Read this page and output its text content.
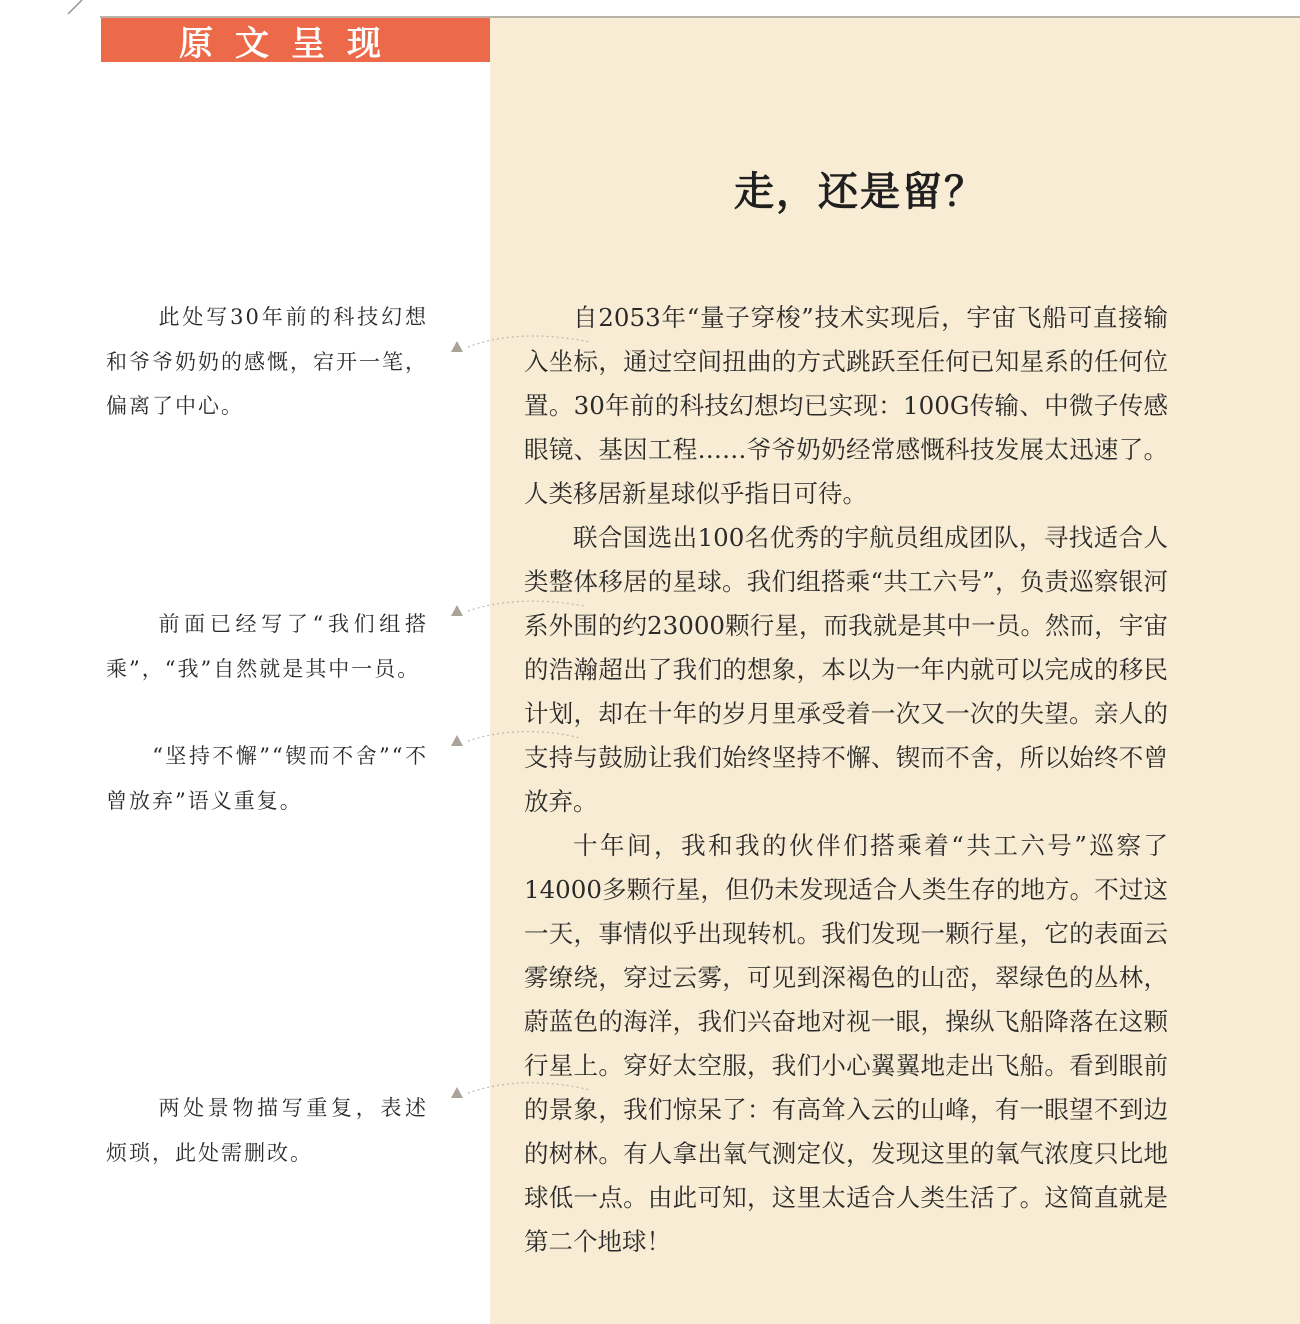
原文呈现
走，还是留？

自2053年“量子穿梭”技术实现后，宇宙飞船可直接输入坐标，通过空间扭曲的方式跳跃至任何已知星系的任何位置。30年前的科技幻想均已实现：100G传输、中微子传感眼镜、基因工程……爷爷奶奶经常感慨科技发展太迅速了。人类移居新星球似乎指日可待。

联合国选出100名优秀的宇航员组成团队，寻找适合人类整体移居的星球。我们组搭乘“共工六号”，负责巡察银河系外围的约23000颗行星，而我就是其中一员。然而，宇宙的浩瀚超出了我们的想象，本以为一年内就可以完成的移民计划，却在十年的岁月里承受着一次又一次的失望。亲人的支持与鼓励让我们始终坚持不懈、锲而不舍，所以始终不曾放弃。

十年间，我和我的伙伴们搭乘着“共工六号”巡察了14000多颗行星，但仍未发现适合人类生存的地方。不过这一天，事情似乎出现转机。我们发现一颗行星，它的表面云雾缭绕，穿过云雾，可见到深褐色的山峦，翠绿色的丛林，蔚蓝色的海洋，我们兴奋地对视一眼，操纵飞船降落在这颗行星上。穿好太空服，我们小心翼翼地走出飞船。看到眼前的景象，我们惊呆了：有高耸入云的山峰，有一眼望不到边的树林。有人拿出氧气测定仪，发现这里的氧气浓度只比地球低一点。由此可知，这里太适合人类生活了。这简直就是第二个地球！

此处写30年前的科技幻想和爷爷奶奶的感慨，宕开一笔，偏离了中心。

前面已经写了“我们组搭乘”，“我”自然就是其中一员。

“坚持不懈”“锲而不舍”“不曾放弃”语义重复。

两处景物描写重复，表述烦琐，此处需删改。
